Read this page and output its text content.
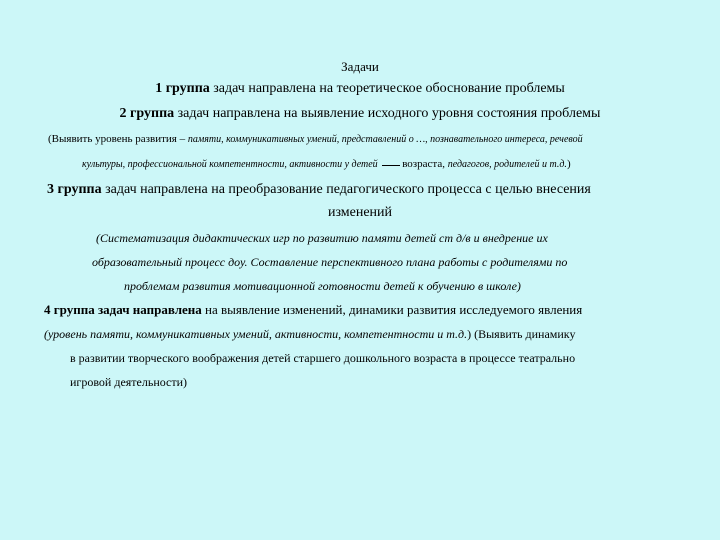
Задачи
1 группа задач направлена на теоретическое обоснование проблемы
2 группа задач направлена на выявление исходного уровня состояния проблемы
(Выявить уровень развития – памяти, коммуникативных умений, представлений о …, познавательного интереса, речевой
культуры, профессиональной компетентности, активности у детей возраста, педагогов, родителей и т.д.)
3 группа задач направлена на преобразование педагогического процесса с целью внесения
изменений
(Систематизация дидактических игр по развитию памяти детей ст д/в и внедрение их
образовательный процесс доу. Составление перспективного плана работы с родителями по
проблемам развития мотивационной готовности детей к обучению в школе)
4 группа задач направлена на выявление изменений, динамики развития исследуемого явления
(уровень памяти, коммуникативных умений, активности, компетентности и т.д.) (Выявить динамику
в развитии творческого воображения детей старшего дошкольного возраста в процессе театрально
игровой деятельности)
